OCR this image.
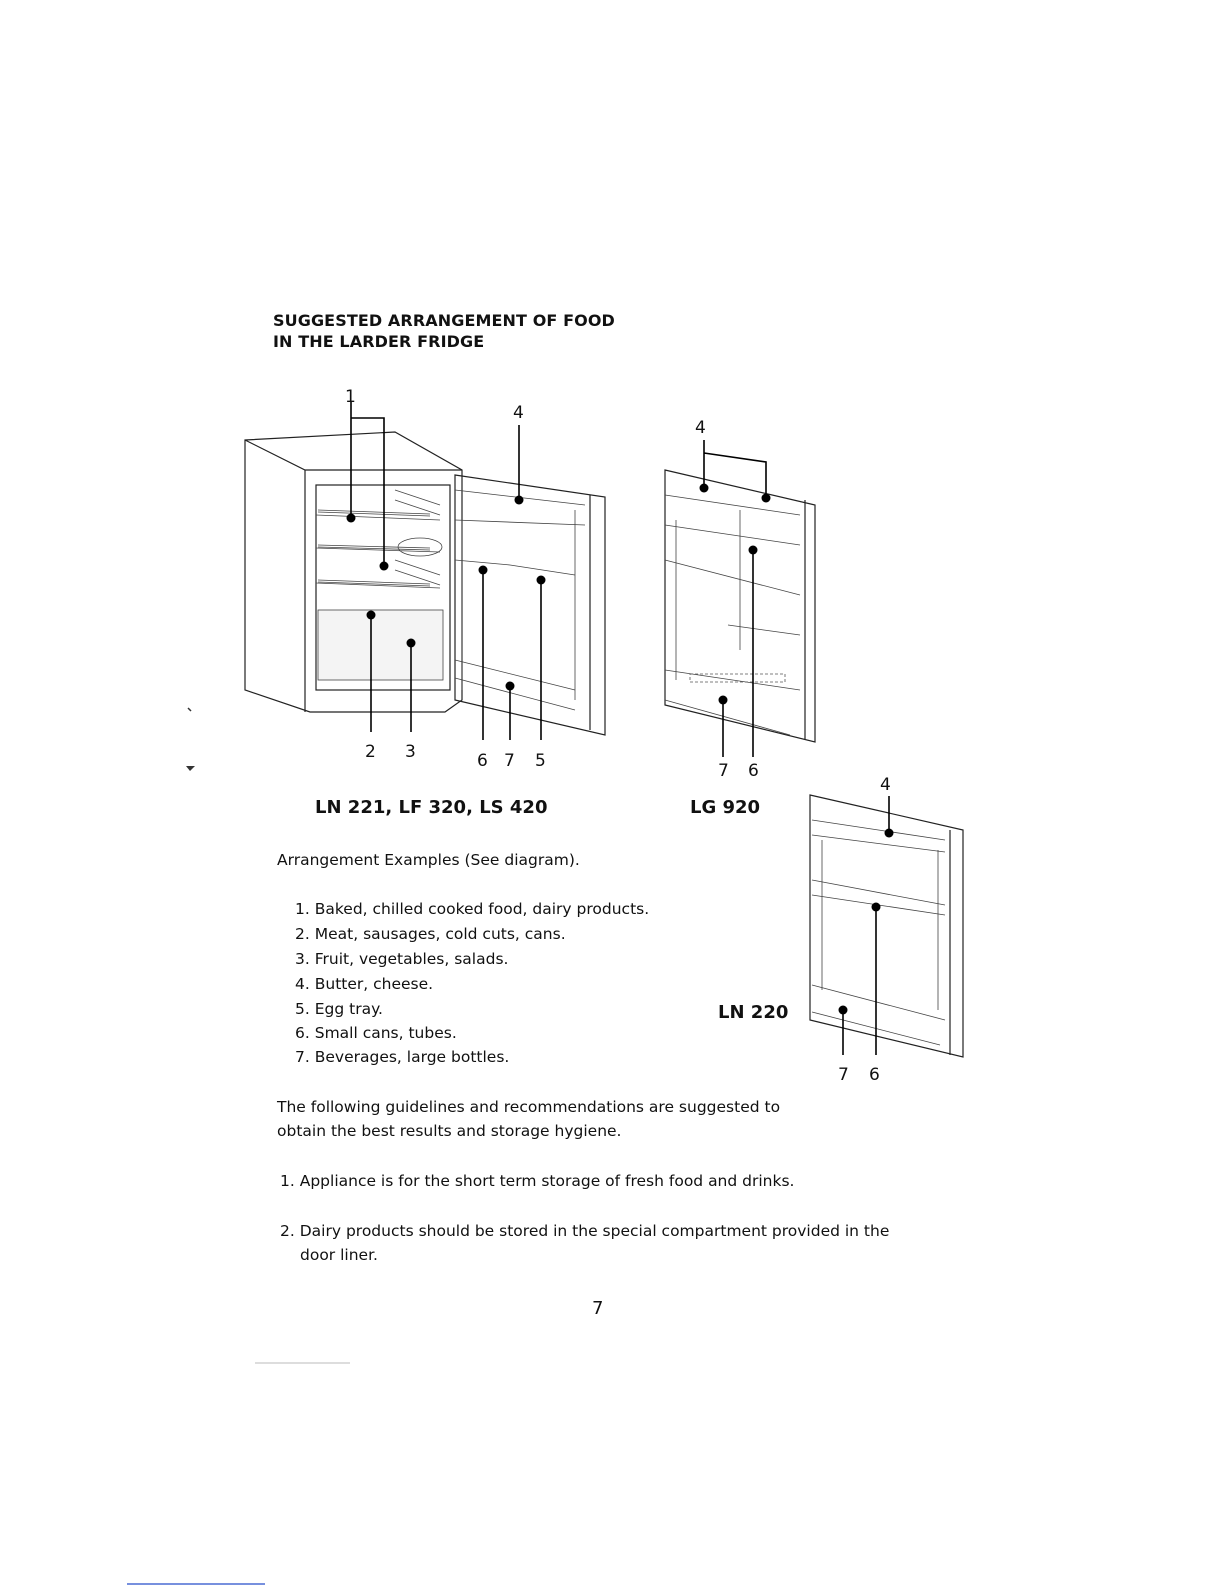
SUGGESTED ARRANGEMENT OF FOOD
IN THE LARDER FRIDGE
1
4
2 3	6 7 5
4
7 6
4
7 6
LN 221, LF 320, LS 420	LG 920
LN 220
Arrangement Examples (See diagram).
1. Baked, chilled cooked food, dairy products.
2. Meat, sausages, cold cuts, cans.
3. Fruit, vegetables, salads.
4. Butter, cheese.
5. Egg tray.
6. Small cans, tubes.
7. Beverages, large bottles.
The following guidelines and recommendations are suggested to
obtain the best results and storage hygiene.
1. Appliance is for the short term storage of fresh food and drinks.
2. Dairy products should be stored in the special compartment provided in the
door liner.
7
